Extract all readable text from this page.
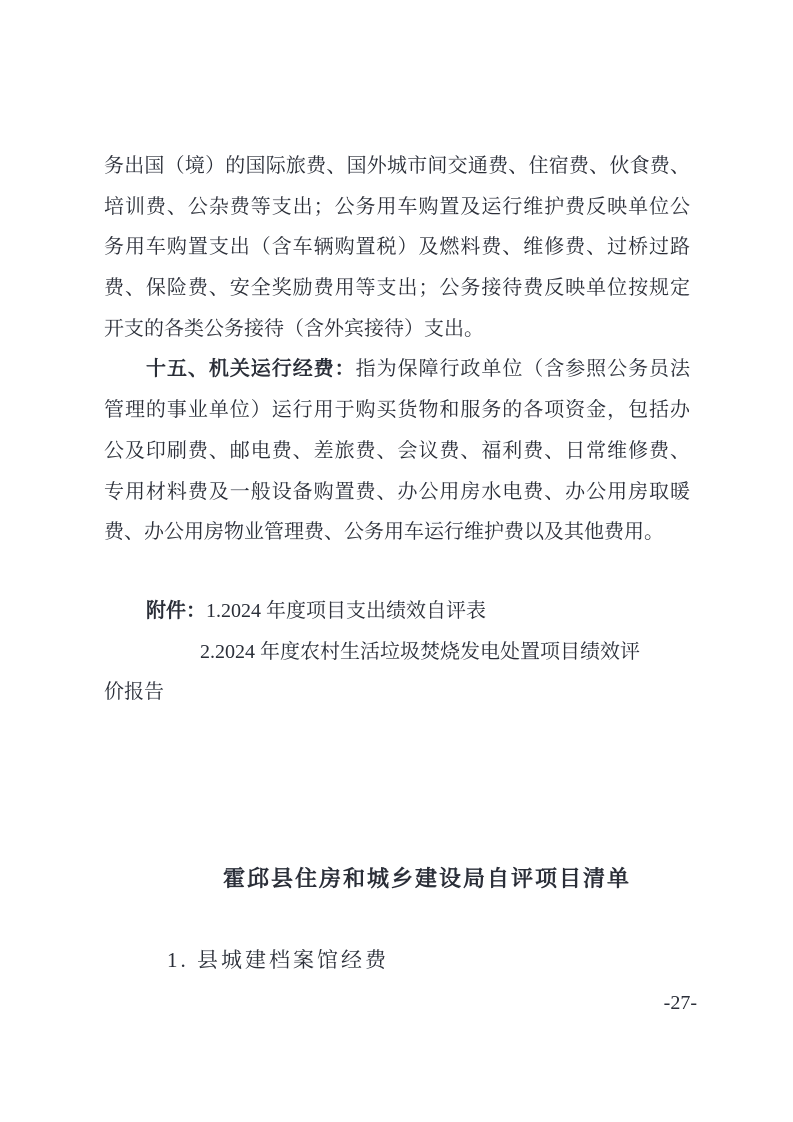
务出国（境）的国际旅费、国外城市间交通费、住宿费、伙食费、
培训费、公杂费等支出；公务用车购置及运行维护费反映单位公
务用车购置支出（含车辆购置税）及燃料费、维修费、过桥过路
费、保险费、安全奖励费用等支出；公务接待费反映单位按规定
开支的各类公务接待（含外宾接待）支出。
十五、机关运行经费：指为保障行政单位（含参照公务员法
管理的事业单位）运行用于购买货物和服务的各项资金，包括办
公及印刷费、邮电费、差旅费、会议费、福利费、日常维修费、
专用材料费及一般设备购置费、办公用房水电费、办公用房取暖
费、办公用房物业管理费、公务用车运行维护费以及其他费用。
附件：1.2024 年度项目支出绩效自评表
2.2024 年度农村生活垃圾焚烧发电处置项目绩效评
价报告
霍邱县住房和城乡建设局自评项目清单
1. 县城建档案馆经费
-27-
